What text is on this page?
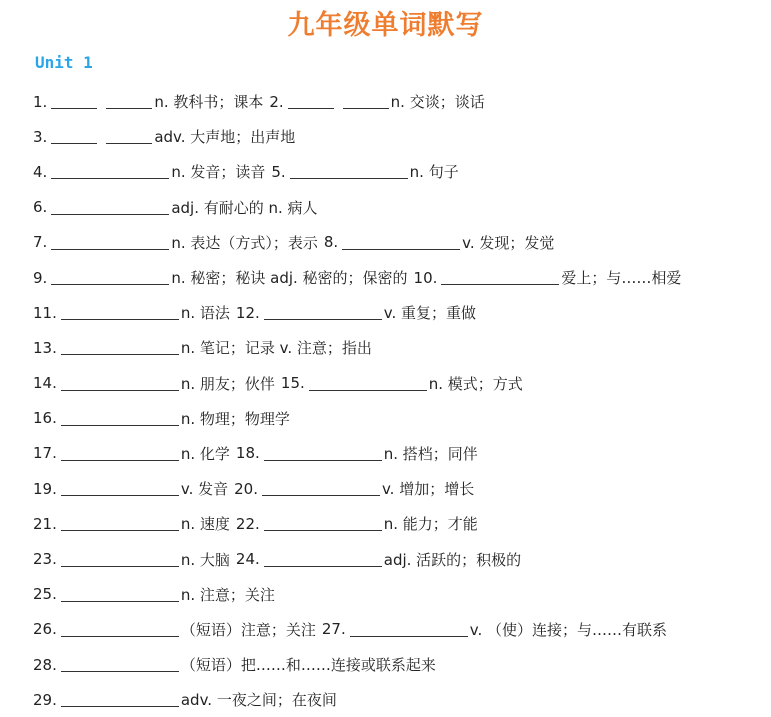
九年级单词默写
Unit 1
1.	n. 教科书；课本 2.	n. 交谈；谈话
3.	adv. 大声地；出声地
4.	n. 发音；读音 5.	n. 句子
6.	adj. 有耐心的 n. 病人
7.	n. 表达（方式）；表示 8.	v. 发现；发觉
9.	n. 秘密；秘诀 adj. 秘密的；保密的 10.	爱上；与……相爱
11.	n. 语法 12.	v. 重复；重做
13.	n. 笔记；记录 v. 注意；指出
14.	n. 朋友；伙伴 15.	n. 模式；方式
16.	n. 物理；物理学
17.	n. 化学 18.	n. 搭档；同伴
19.	v. 发音 20.	v. 增加；增长
21.	n. 速度 22.	n. 能力；才能
23.	n. 大脑 24.	adj. 活跃的；积极的
25.	n. 注意；关注
26.	（短语）注意；关注 27.	v. （使）连接；与……有联系
28.	（短语）把……和……连接或联系起来
29.	adv. 一夜之间；在夜间
